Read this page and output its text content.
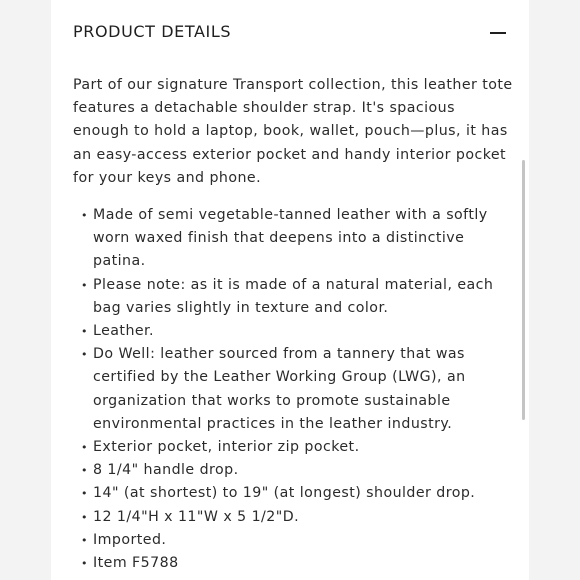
PRODUCT DETAILS

Part of our signature Transport collection, this leather tote features a detachable shoulder strap. It's spacious enough to hold a laptop, book, wallet, pouch—plus, it has an easy-access exterior pocket and handy interior pocket for your keys and phone.

• Made of semi vegetable-tanned leather with a softly worn waxed finish that deepens into a distinctive patina.
• Please note: as it is made of a natural material, each bag varies slightly in texture and color.
• Leather.
• Do Well: leather sourced from a tannery that was certified by the Leather Working Group (LWG), an organization that works to promote sustainable environmental practices in the leather industry.
• Exterior pocket, interior zip pocket.
• 8 1/4" handle drop.
• 14" (at shortest) to 19" (at longest) shoulder drop.
• 12 1/4"H x 11"W x 5 1/2"D.
• Imported.
• Item F5788
